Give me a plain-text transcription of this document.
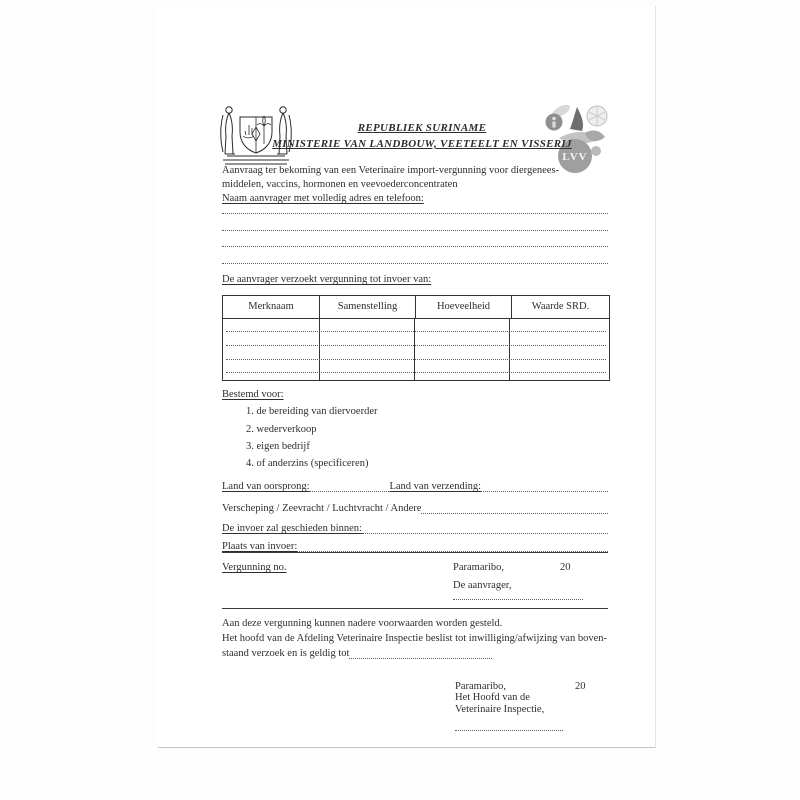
LVV
REPUBLIEK SURINAME
MINISTERIE VAN LANDBOUW, VEETEELT EN VISSERIJ
Aanvraag ter bekoming van een Veterinaire import-vergunning voor diergenees-
middelen, vaccins, hormonen en veevoederconcentraten
Naam aanvrager met volledig adres en telefoon:
De aanvrager verzoekt vergunning tot invoer van:
Merknaam	Samenstelling	Hoeveelheid	Waarde SRD.
Bestemd voor:
1. de bereiding van diervoerder
2. wederverkoop
3. eigen bedrijf
4. of anderzins (specificeren)
Land van oorsprong:	Land van verzending:
Verscheping / Zeevracht / Luchtvracht / Andere
De invoer zal geschieden binnen:
Plaats van invoer:
Vergunning no.	Paramaribo,	20
De aanvrager,
Aan deze vergunning kunnen nadere voorwaarden worden gesteld.
Het hoofd van de Afdeling Veterinaire Inspectie beslist tot inwilliging/afwijzing van boven-
staand verzoek en is geldig tot
Paramaribo,	20
Het Hoofd van de
Veterinaire Inspectie,
